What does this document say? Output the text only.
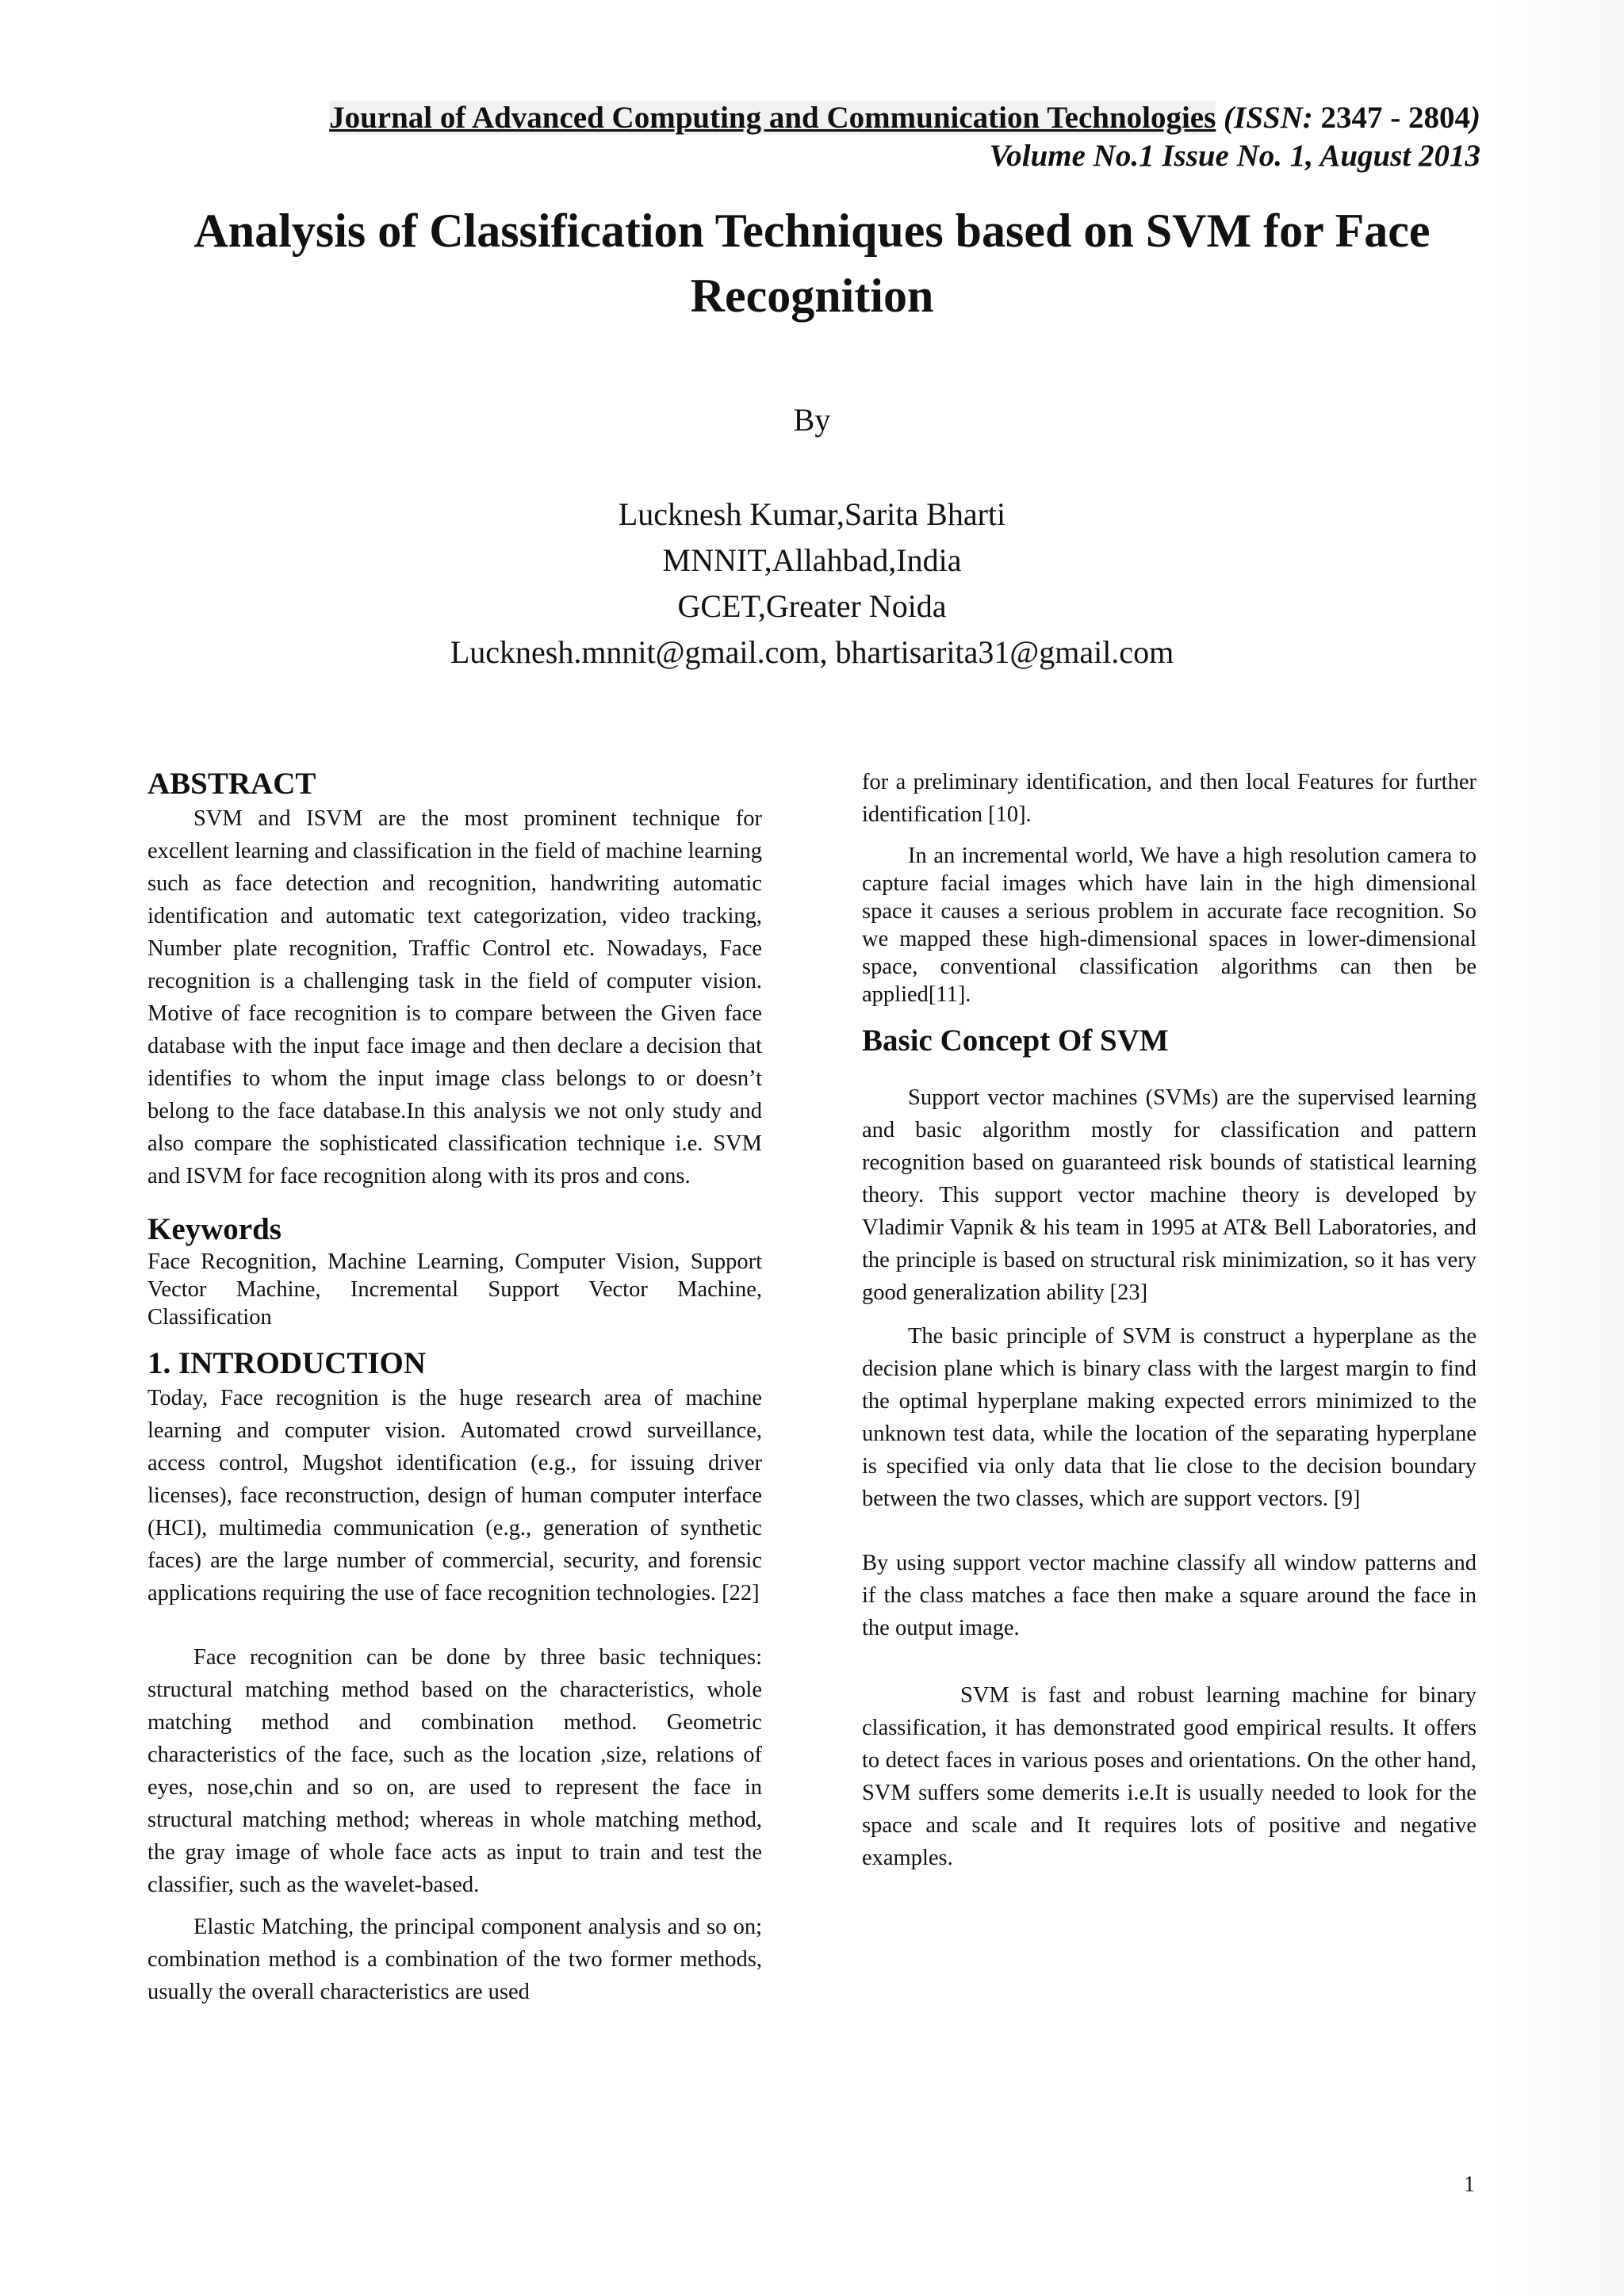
Journal of Advanced Computing and Communication Technologies (ISSN: 2347 - 2804)
Volume No.1 Issue No. 1, August 2013
Analysis of Classification Techniques based on SVM for Face Recognition
By
Lucknesh Kumar,Sarita Bharti
MNNIT,Allahbad,India
GCET,Greater Noida
Lucknesh.mnnit@gmail.com, bhartisarita31@gmail.com
ABSTRACT

SVM and ISVM are the most prominent technique for excellent learning and classification in the field of machine learning such as face detection and recognition, handwriting automatic identification and automatic text categorization, video tracking, Number plate recognition, Traffic Control etc. Nowadays, Face recognition is a challenging task in the field of computer vision. Motive of face recognition is to compare between the Given face database with the input face image and then declare a decision that identifies to whom the input image class belongs to or doesn’t belong to the face database.In this analysis we not only study and also compare the sophisticated classification technique i.e. SVM and ISVM for face recognition along with its pros and cons.

Keywords

Face Recognition, Machine Learning, Computer Vision, Support Vector Machine, Incremental Support Vector Machine, Classification

1. INTRODUCTION

Today, Face recognition is the huge research area of machine learning and computer vision. Automated crowd surveillance, access control, Mugshot identification (e.g., for issuing driver licenses), face reconstruction, design of human computer interface (HCI), multimedia communication (e.g., generation of synthetic faces) are the large number of commercial, security, and forensic applications requiring the use of face recognition technologies. [22]

Face recognition can be done by three basic techniques: structural matching method based on the characteristics, whole matching method and combination method. Geometric characteristics of the face, such as the location ,size, relations of eyes, nose,chin and so on, are used to represent the face in structural matching method; whereas in whole matching method, the gray image of whole face acts as input to train and test the classifier, such as the wavelet-based.

Elastic Matching, the principal component analysis and so on; combination method is a combination of the two former methods, usually the overall characteristics are used

for a preliminary identification, and then local Features for further identification [10].

In an incremental world, We have a high resolution camera to capture facial images which have lain in the high dimensional space it causes a serious problem in accurate face recognition. So we mapped these high-dimensional spaces in lower-dimensional space, conventional classification algorithms can then be applied[11].

Basic Concept Of SVM

Support vector machines (SVMs) are the supervised learning and basic algorithm mostly for classification and pattern recognition based on guaranteed risk bounds of statistical learning theory. This support vector machine theory is developed by Vladimir Vapnik & his team in 1995 at AT& Bell Laboratories, and the principle is based on structural risk minimization, so it has very good generalization ability [23]

The basic principle of SVM is construct a hyperplane as the decision plane which is binary class with the largest margin to find the optimal hyperplane making expected errors minimized to the unknown test data, while the location of the separating hyperplane is specified via only data that lie close to the decision boundary between the two classes, which are support vectors. [9]

By using support vector machine classify all window patterns and if the class matches a face then make a square around the face in the output image.

SVM is fast and robust learning machine for binary classification, it has demonstrated good empirical results. It offers to detect faces in various poses and orientations. On the other hand, SVM suffers some demerits i.e.It is usually needed to look for the space and scale and It requires lots of positive and negative examples.

1
